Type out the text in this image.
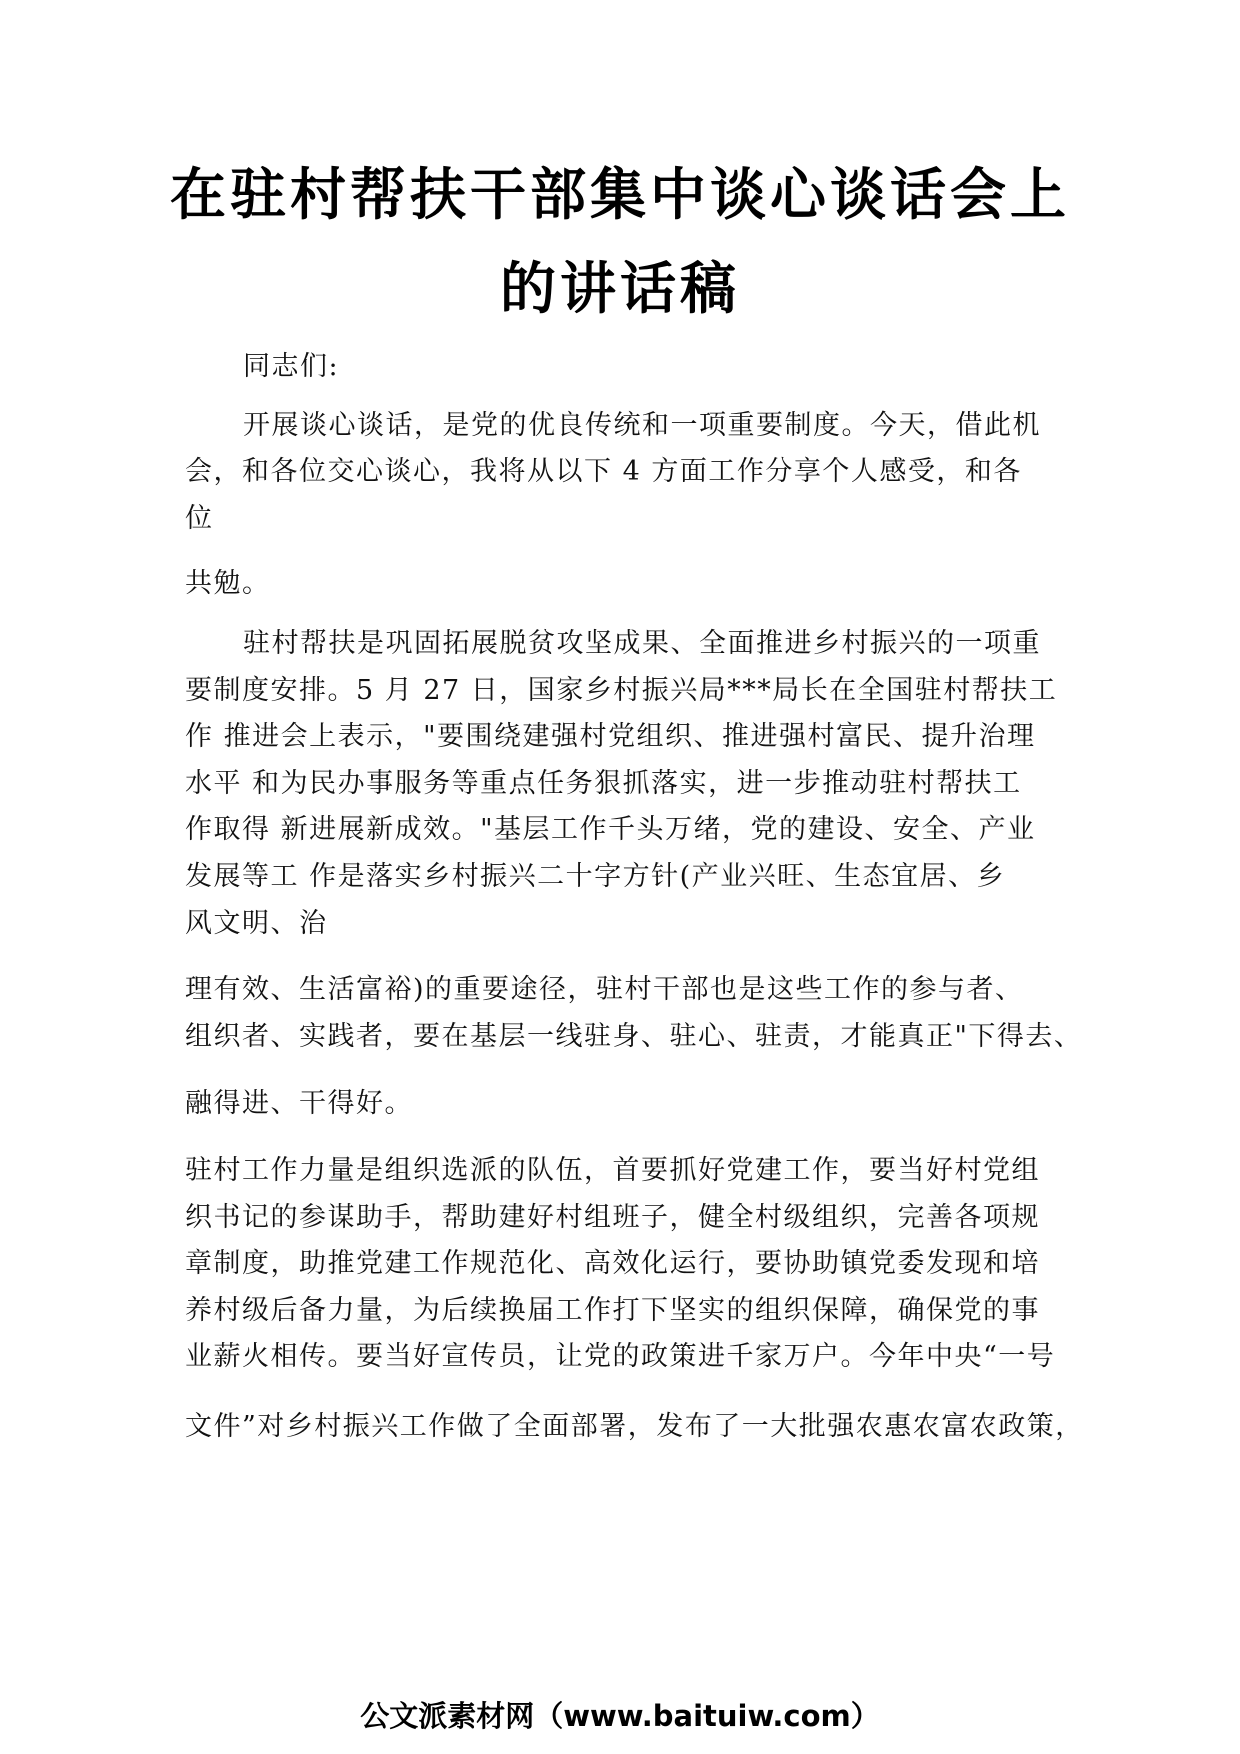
在驻村帮扶干部集中谈心谈话会上
的讲话稿

同志们:

开展谈心谈话，是党的优良传统和一项重要制度。今天，借此机

会，和各位交心谈心，我将从以下 4 方面工作分享个人感受，和各

位

共勉。

驻村帮扶是巩固拓展脱贫攻坚成果、全面推进乡村振兴的一项重

要制度安排。5 月 27 日，国家乡村振兴局***局长在全国驻村帮扶工

作 推进会上表示，"要围绕建强村党组织、推进强村富民、提升治理

水平 和为民办事服务等重点任务狠抓落实，进一步推动驻村帮扶工

作取得 新进展新成效。"基层工作千头万绪，党的建设、安全、产业

发展等工 作是落实乡村振兴二十字方针(产业兴旺、生态宜居、乡

风文明、治

理有效、生活富裕)的重要途径，驻村干部也是这些工作的参与者、

组织者、实践者，要在基层一线驻身、驻心、驻责，才能真正"下得去、

融得进、干得好。

驻村工作力量是组织选派的队伍，首要抓好党建工作，要当好村党组

织书记的参谋助手，帮助建好村组班子，健全村级组织，完善各项规

章制度，助推党建工作规范化、高效化运行，要协助镇党委发现和培

养村级后备力量，为后续换届工作打下坚实的组织保障，确保党的事

业薪火相传。要当好宣传员，让党的政策进千家万户。今年中央“一号

文件”对乡村振兴工作做了全面部署，发布了一大批强农惠农富农政策，

公文派素材网（www.baituiw.com）
